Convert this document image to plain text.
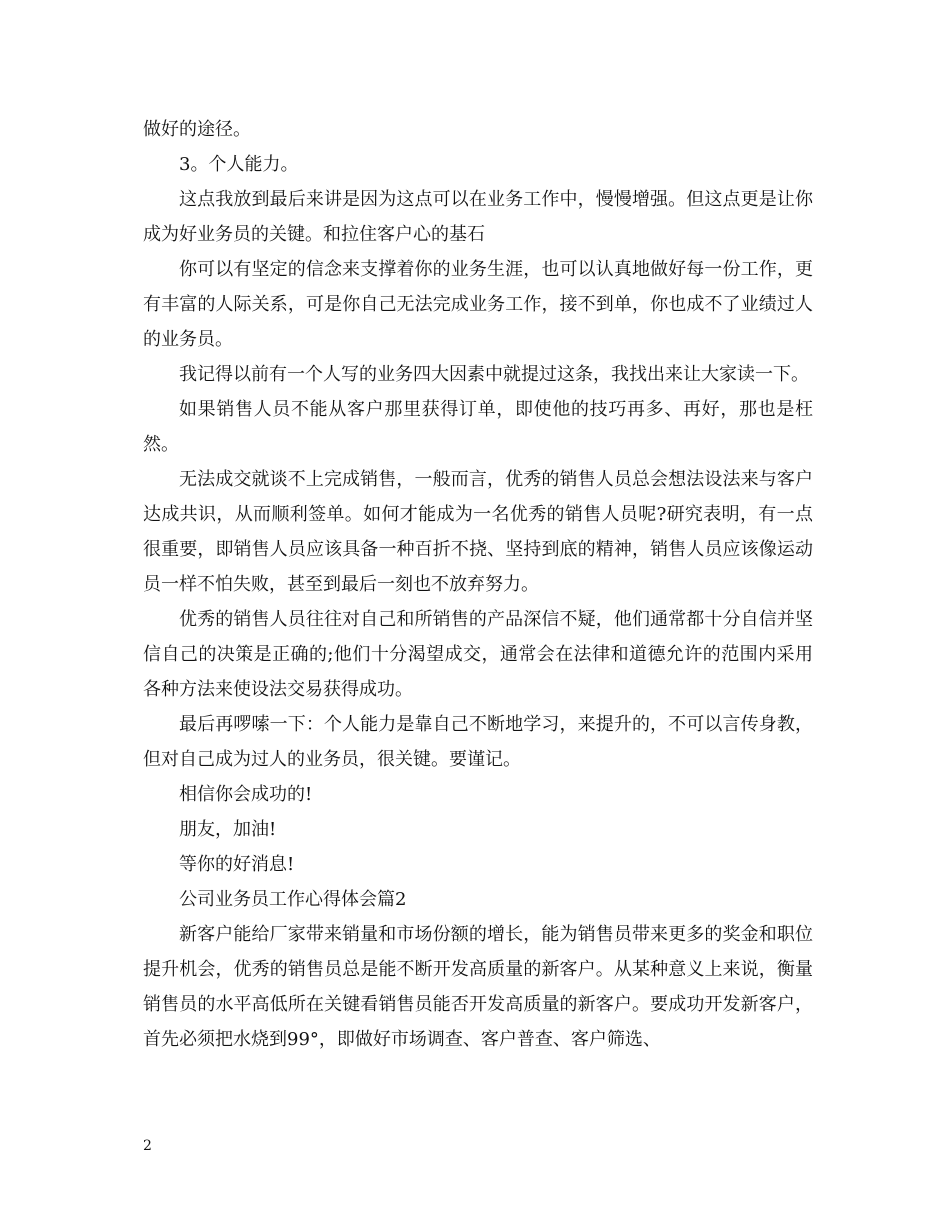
做好的途径。

3。个人能力。

这点我放到最后来讲是因为这点可以在业务工作中，慢慢增强。但这点更是让你成为好业务员的关键。和拉住客户心的基石

你可以有坚定的信念来支撑着你的业务生涯，也可以认真地做好每一份工作，更有丰富的人际关系，可是你自己无法完成业务工作，接不到单，你也成不了业绩过人的业务员。

我记得以前有一个人写的业务四大因素中就提过这条，我找出来让大家读一下。

如果销售人员不能从客户那里获得订单，即使他的技巧再多、再好，那也是枉然。

无法成交就谈不上完成销售，一般而言，优秀的销售人员总会想法设法来与客户达成共识，从而顺利签单。如何才能成为一名优秀的销售人员呢?研究表明，有一点很重要，即销售人员应该具备一种百折不挠、坚持到底的精神，销售人员应该像运动员一样不怕失败，甚至到最后一刻也不放弃努力。

优秀的销售人员往往对自己和所销售的产品深信不疑，他们通常都十分自信并坚信自己的决策是正确的;他们十分渴望成交，通常会在法律和道德允许的范围内采用各种方法来使设法交易获得成功。

最后再啰嗦一下：个人能力是靠自己不断地学习，来提升的，不可以言传身教，但对自己成为过人的业务员，很关键。要谨记。

相信你会成功的!

朋友，加油!

等你的好消息!

公司业务员工作心得体会篇2

新客户能给厂家带来销量和市场份额的增长，能为销售员带来更多的奖金和职位提升机会，优秀的销售员总是能不断开发高质量的新客户。从某种意义上来说，衡量销售员的水平高低所在关键看销售员能否开发高质量的新客户。要成功开发新客户，首先必须把水烧到99°，即做好市场调查、客户普查、客户筛选、

2
